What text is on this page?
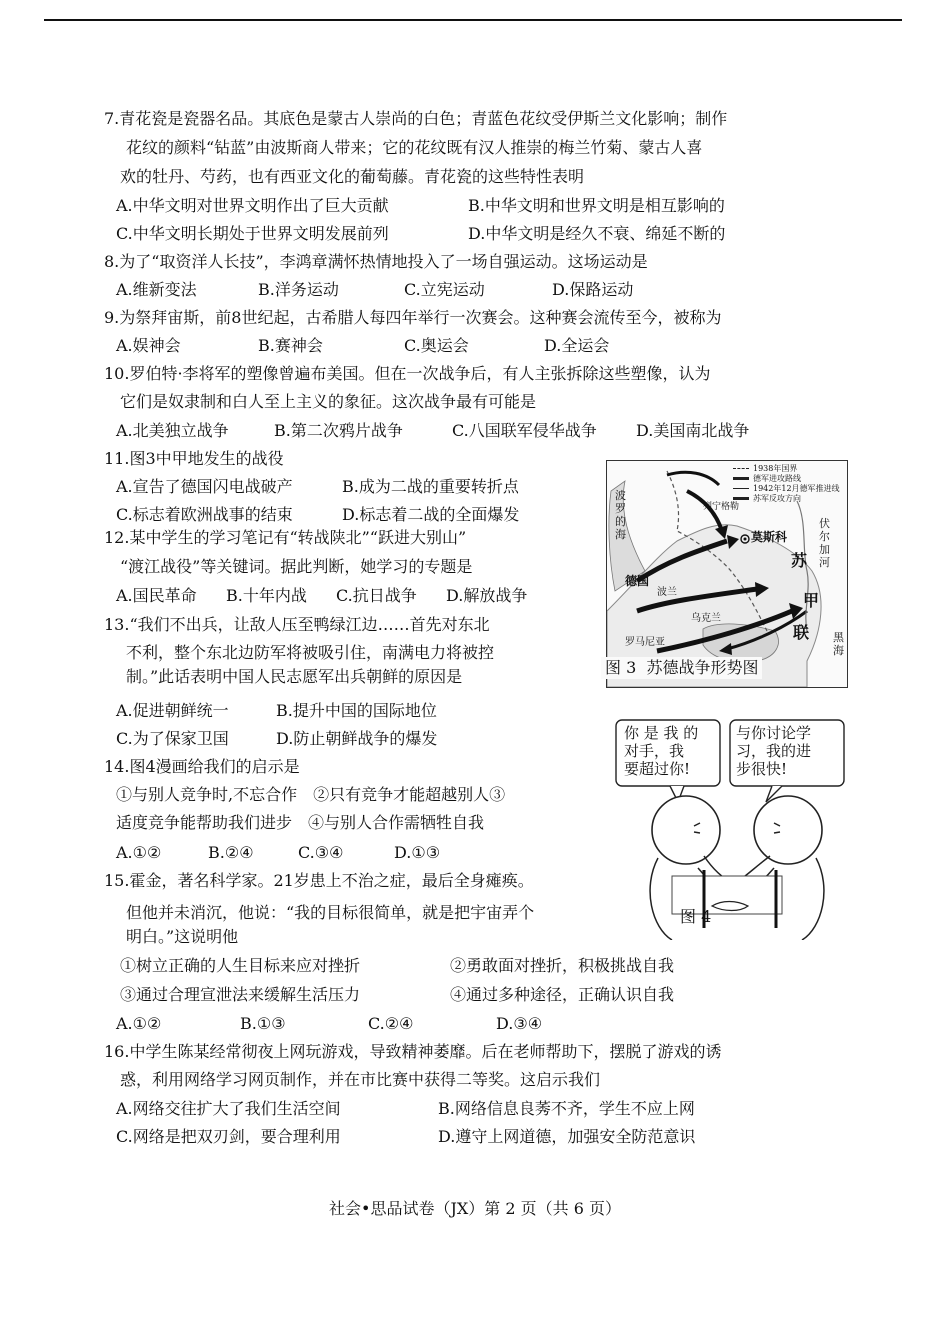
7.青花瓷是瓷器名品。其底色是蒙古人崇尚的白色；青蓝色花纹受伊斯兰文化影响；制作
花纹的颜料“钻蓝”由波斯商人带来；它的花纹既有汉人推崇的梅兰竹菊、蒙古人喜
欢的牡丹、芍药，也有西亚文化的葡萄藤。青花瓷的这些特性表明

A.中华文明对世界文明作出了巨大贡献

	B.中华文明和世界文明是相互影响的

C.中华文明长期处于世界文明发展前列

	D.中华文明是经久不衰、绵延不断的

8.为了“取资洋人长技”，李鸿章满怀热情地投入了一场自强运动。这场运动是

A.维新变法

	B.洋务运动

	C.立宪运动

	D.保路运动

9.为祭拜宙斯，前8世纪起，古希腊人每四年举行一次赛会。这种赛会流传至今，被称为

A.娱神会

	B.赛神会

	C.奥运会

	D.全运会

10.罗伯特·李将军的塑像曾遍布美国。但在一次战争后，有人主张拆除这些塑像，认为
它们是奴隶制和白人至上主义的象征。这次战争最有可能是

A.北美独立战争

	B.第二次鸦片战争

	C.八国联军侵华战争

D.美国南北战争

11.图3中甲地发生的战役

A.宣告了德国闪电战破产

	B.成为二战的重要转折点

C.标志着欧洲战事的结束

	D.标志着二战的全面爆发

12.某中学生的学习笔记有“转战陕北”“跃进大别山”
“渡江战役”等关键词。据此判断，她学习的专题是

A.国民革命

B.十年内战

C.抗日战争

D.解放战争

13.“我们不出兵，让敌人压至鸭绿江边……首先对东北
不利，整个东北边防军将被吸引住，南满电力将被控
制。”此话表明中国人民志愿军出兵朝鲜的原因是

A.促进朝鲜统一

	B.提升中国的国际地位

C.为了保家卫国

	D.防止朝鲜战争的爆发

14.图4漫画给我们的启示是
①与别人竞争时,不忘合作　②只有竞争才能超越别人③
适度竞争能帮助我们进步　④与别人合作需牺牲自我

A.①②

	B.②④

	C.③④

	D.①③

15.霍金，著名科学家。21岁患上不治之症，最后全身瘫痪。
但他并未消沉，他说：“我的目标很简单，就是把宇宙弄个
明白。”这说明他

①树立正确的人生目标来应对挫折

	②勇敢面对挫折，积极挑战自我

③通过合理宣泄法来缓解生活压力

	④通过多种途径，正确认识自我

A.①②

	B.①③

	C.②④

	D.③④

16.中学生陈某经常彻夜上网玩游戏，导致精神萎靡。后在老师帮助下，摆脱了游戏的诱
惑，利用网络学习网页制作，并在市比赛中获得二等奖。这启示我们

A.网络交往扩大了我们生活空间

	B.网络信息良莠不齐，学生不应上网

C.网络是把双刃剑，要合理利用

	D.遵守上网道德，加强安全防范意识

1938年国界
德军进攻路线
1942年12月德军推进线
苏军反攻方向
波罗的海
列宁格勒
莫斯科
苏
联
伏尔加河
甲
德国
波兰
乌克兰
罗马尼亚	黑海
图 3  苏德战争形势图
你 是 我 的
对手，我
要超过你!
与你讨论学
习，我的进
步很快!
图 4
社会•思品试卷（JX）第 2 页（共 6 页）
